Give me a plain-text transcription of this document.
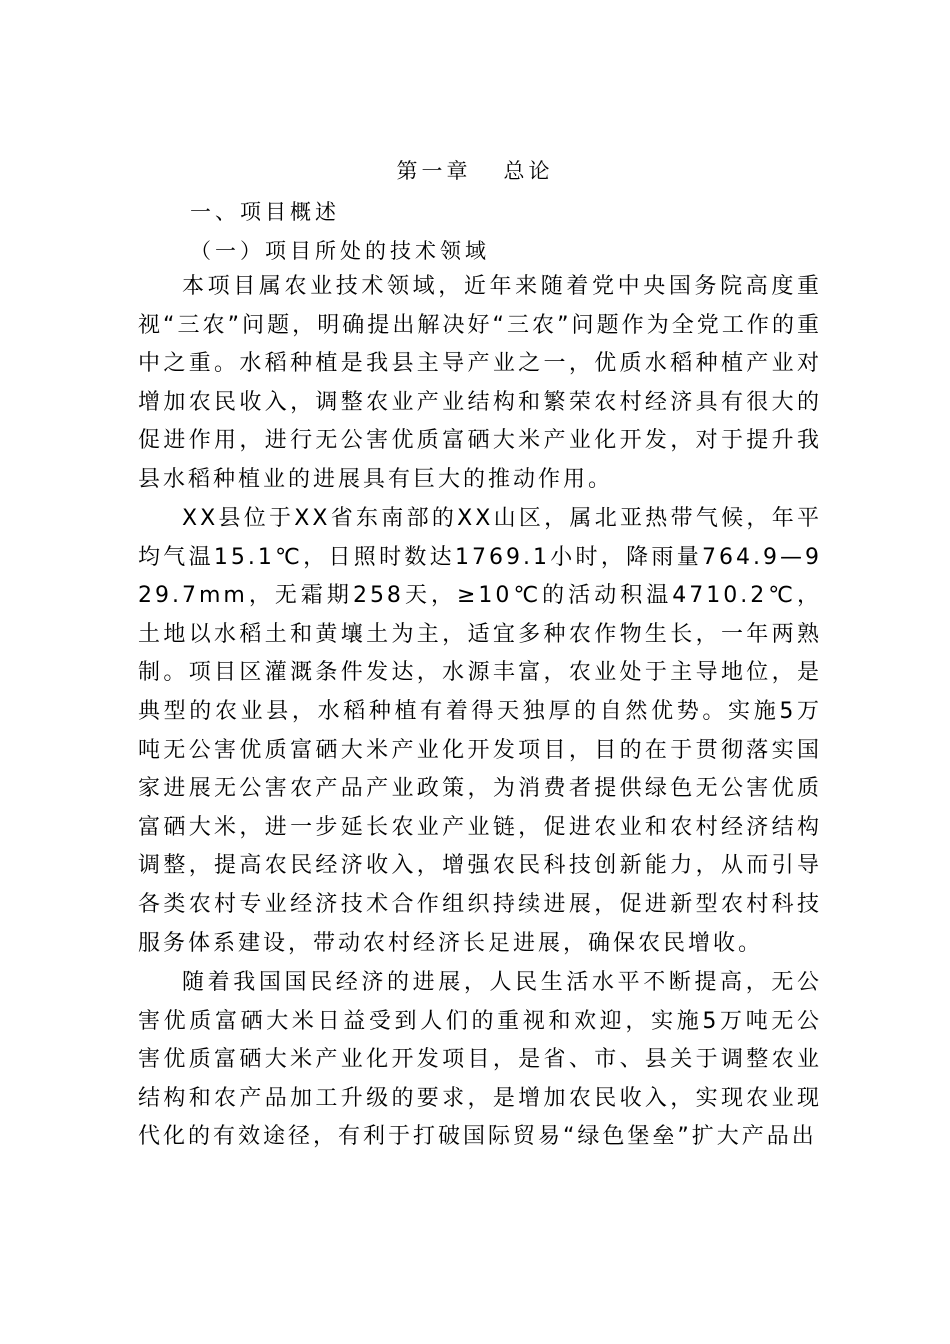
第一章   总论
一、项目概述
（一）项目所处的技术领域

本项目属农业技术领域，近年来随着党中央国务院高度重视“三农”问题，明确提出解决好“三农”问题作为全党工作的重中之重。水稻种植是我县主导产业之一，优质水稻种植产业对增加农民收入，调整农业产业结构和繁荣农村经济具有很大的促进作用，进行无公害优质富硒大米产业化开发，对于提升我县水稻种植业的进展具有巨大的推动作用。

XX县位于XX省东南部的XX山区，属北亚热带气候，年平均气温15.1℃，日照时数达1769.1小时，降雨量764.9—929.7mm，无霜期258天，≥10℃的活动积温4710.2℃，土地以水稻土和黄壤土为主，适宜多种农作物生长，一年两熟制。项目区灌溉条件发达，水源丰富，农业处于主导地位，是典型的农业县，水稻种植有着得天独厚的自然优势。实施5万吨无公害优质富硒大米产业化开发项目，目的在于贯彻落实国家进展无公害农产品产业政策，为消费者提供绿色无公害优质富硒大米，进一步延长农业产业链，促进农业和农村经济结构调整，提高农民经济收入，增强农民科技创新能力，从而引导各类农村专业经济技术合作组织持续进展，促进新型农村科技服务体系建设，带动农村经济长足进展，确保农民增收。

随着我国国民经济的进展，人民生活水平不断提高，无公害优质富硒大米日益受到人们的重视和欢迎，实施5万吨无公害优质富硒大米产业化开发项目，是省、市、县关于调整农业结构和农产品加工升级的要求，是增加农民收入，实现农业现代化的有效途径，有利于打破国际贸易“绿色堡垒”扩大产品出
